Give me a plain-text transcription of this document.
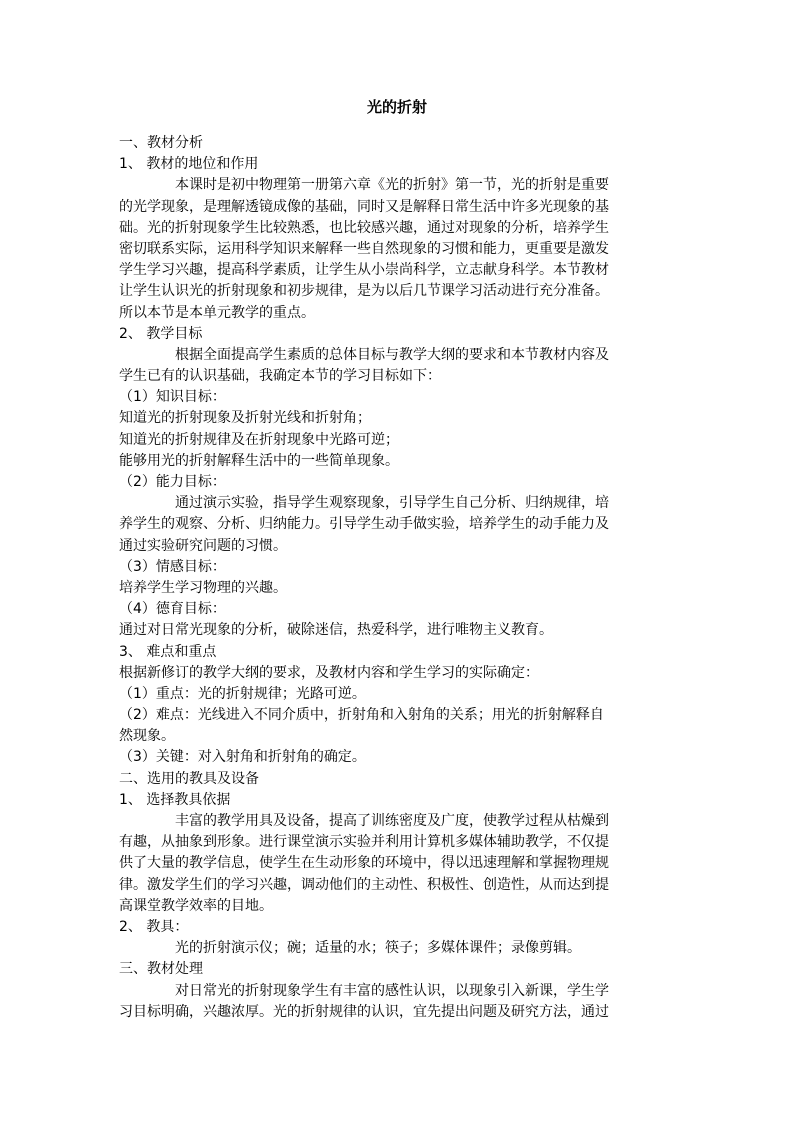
光的折射
一、教材分析
1、 教材的地位和作用
本课时是初中物理第一册第六章《光的折射》第一节，光的折射是重要
的光学现象，是理解透镜成像的基础，同时又是解释日常生活中许多光现象的基
础。光的折射现象学生比较熟悉，也比较感兴趣，通过对现象的分析，培养学生
密切联系实际，运用科学知识来解释一些自然现象的习惯和能力，更重要是激发
学生学习兴趣，提高科学素质，让学生从小崇尚科学，立志献身科学。本节教材
让学生认识光的折射现象和初步规律，是为以后几节课学习活动进行充分准备。
所以本节是本单元教学的重点。
2、 教学目标
根据全面提高学生素质的总体目标与教学大纲的要求和本节教材内容及
学生已有的认识基础，我确定本节的学习目标如下：
（1）知识目标：
知道光的折射现象及折射光线和折射角；
知道光的折射规律及在折射现象中光路可逆；
能够用光的折射解释生活中的一些简单现象。
（2）能力目标：
通过演示实验，指导学生观察现象，引导学生自己分析、归纳规律，培
养学生的观察、分析、归纳能力。引导学生动手做实验，培养学生的动手能力及
通过实验研究问题的习惯。
（3）情感目标：
培养学生学习物理的兴趣。
（4）德育目标：
通过对日常光现象的分析，破除迷信，热爱科学，进行唯物主义教育。
3、 难点和重点
根据新修订的教学大纲的要求，及教材内容和学生学习的实际确定：
（1）重点：光的折射规律；光路可逆。
（2）难点：光线进入不同介质中，折射角和入射角的关系；用光的折射解释自
然现象。
（3）关键：对入射角和折射角的确定。
二、选用的教具及设备
1、 选择教具依据
丰富的教学用具及设备，提高了训练密度及广度，使教学过程从枯燥到
有趣，从抽象到形象。进行课堂演示实验并利用计算机多媒体辅助教学，不仅提
供了大量的教学信息，使学生在生动形象的环境中，得以迅速理解和掌握物理规
律。激发学生们的学习兴趣，调动他们的主动性、积极性、创造性，从而达到提
高课堂教学效率的目地。
2、 教具：
光的折射演示仪；碗；适量的水；筷子；多媒体课件；录像剪辑。
三、教材处理
对日常光的折射现象学生有丰富的感性认识，以现象引入新课，学生学
习目标明确，兴趣浓厚。光的折射规律的认识，宜先提出问题及研究方法，通过
